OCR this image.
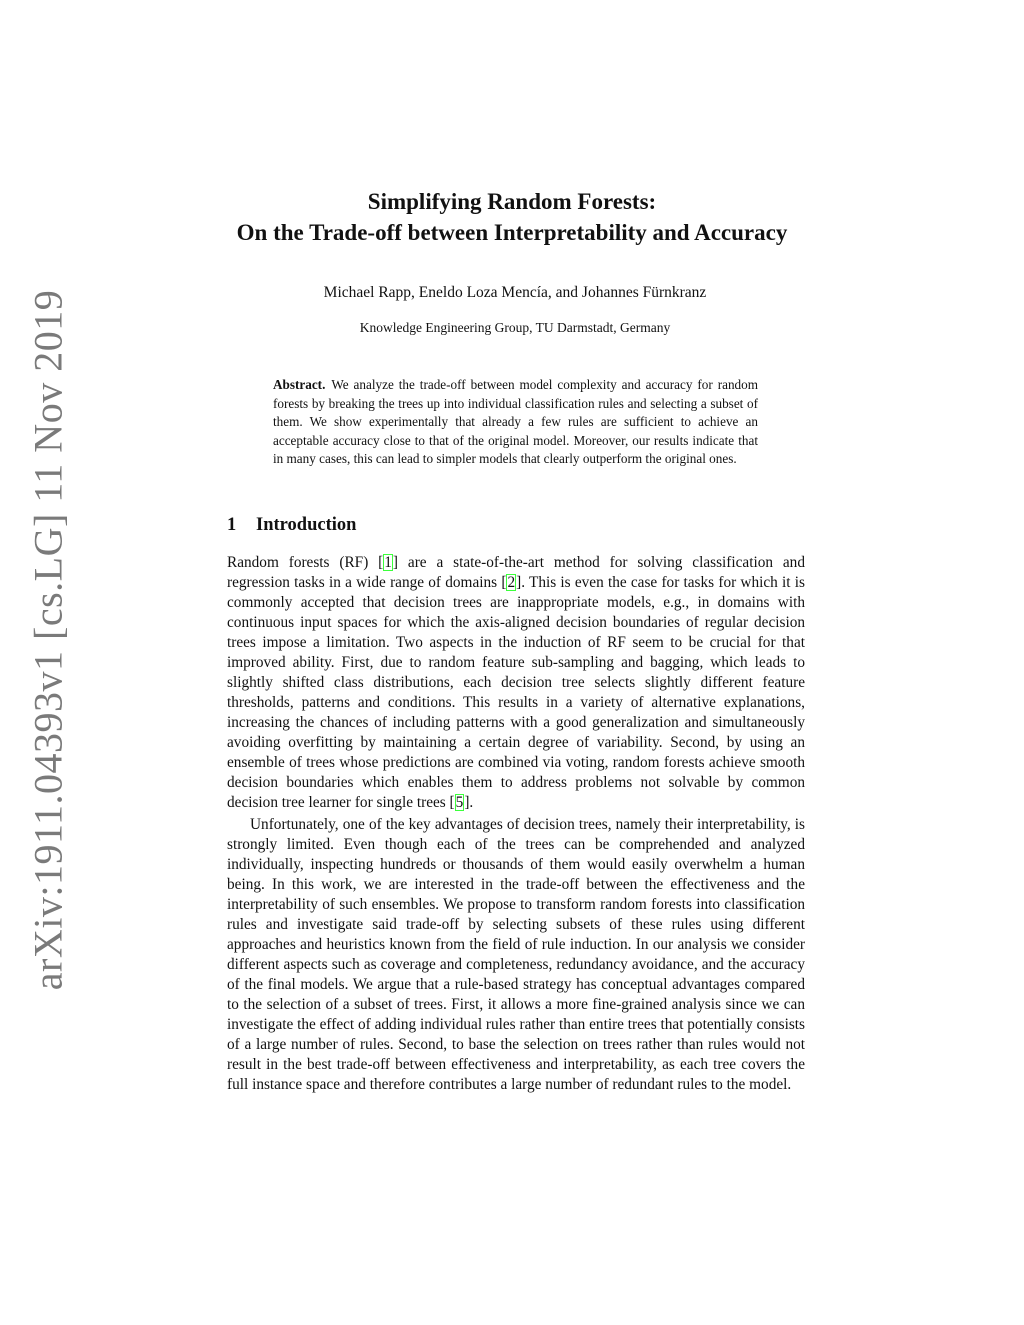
arXiv:1911.04393v1 [cs.LG] 11 Nov 2019
Simplifying Random Forests:
On the Trade-off between Interpretability and Accuracy
Michael Rapp, Eneldo Loza Mencía, and Johannes Fürnkranz
Knowledge Engineering Group, TU Darmstadt, Germany
Abstract. We analyze the trade-off between model complexity and accuracy for random forests by breaking the trees up into individual classification rules and selecting a subset of them. We show experimentally that already a few rules are sufficient to achieve an acceptable accuracy close to that of the original model. Moreover, our results indicate that in many cases, this can lead to simpler models that clearly outperform the original ones.
1 Introduction

Random forests (RF) [1] are a state-of-the-art method for solving classification and regression tasks in a wide range of domains [2]. This is even the case for tasks for which it is commonly accepted that decision trees are inappropriate models, e.g., in domains with continuous input spaces for which the axis-aligned decision boundaries of regular decision trees impose a limitation. Two aspects in the induction of RF seem to be crucial for that improved ability. First, due to random feature sub-sampling and bagging, which leads to slightly shifted class distributions, each decision tree selects slightly different feature thresholds, patterns and conditions. This results in a variety of alternative explanations, increasing the chances of including patterns with a good generalization and simultaneously avoiding overfitting by maintaining a certain degree of variability. Second, by using an ensemble of trees whose predictions are combined via voting, random forests achieve smooth decision boundaries which enables them to address problems not solvable by common decision tree learner for single trees [5].

Unfortunately, one of the key advantages of decision trees, namely their interpretability, is strongly limited. Even though each of the trees can be comprehended and analyzed individually, inspecting hundreds or thousands of them would easily overwhelm a human being. In this work, we are interested in the trade-off between the effectiveness and the interpretability of such ensembles. We propose to transform random forests into classification rules and investigate said trade-off by selecting subsets of these rules using different approaches and heuristics known from the field of rule induction. In our analysis we consider different aspects such as coverage and completeness, redundancy avoidance, and the accuracy of the final models. We argue that a rule-based strategy has conceptual advantages compared to the selection of a subset of trees. First, it allows a more fine-grained analysis since we can investigate the effect of adding individual rules rather than entire trees that potentially consists of a large number of rules. Second, to base the selection on trees rather than rules would not result in the best trade-off between effectiveness and interpretability, as each tree covers the full instance space and therefore contributes a large number of redundant rules to the model.
